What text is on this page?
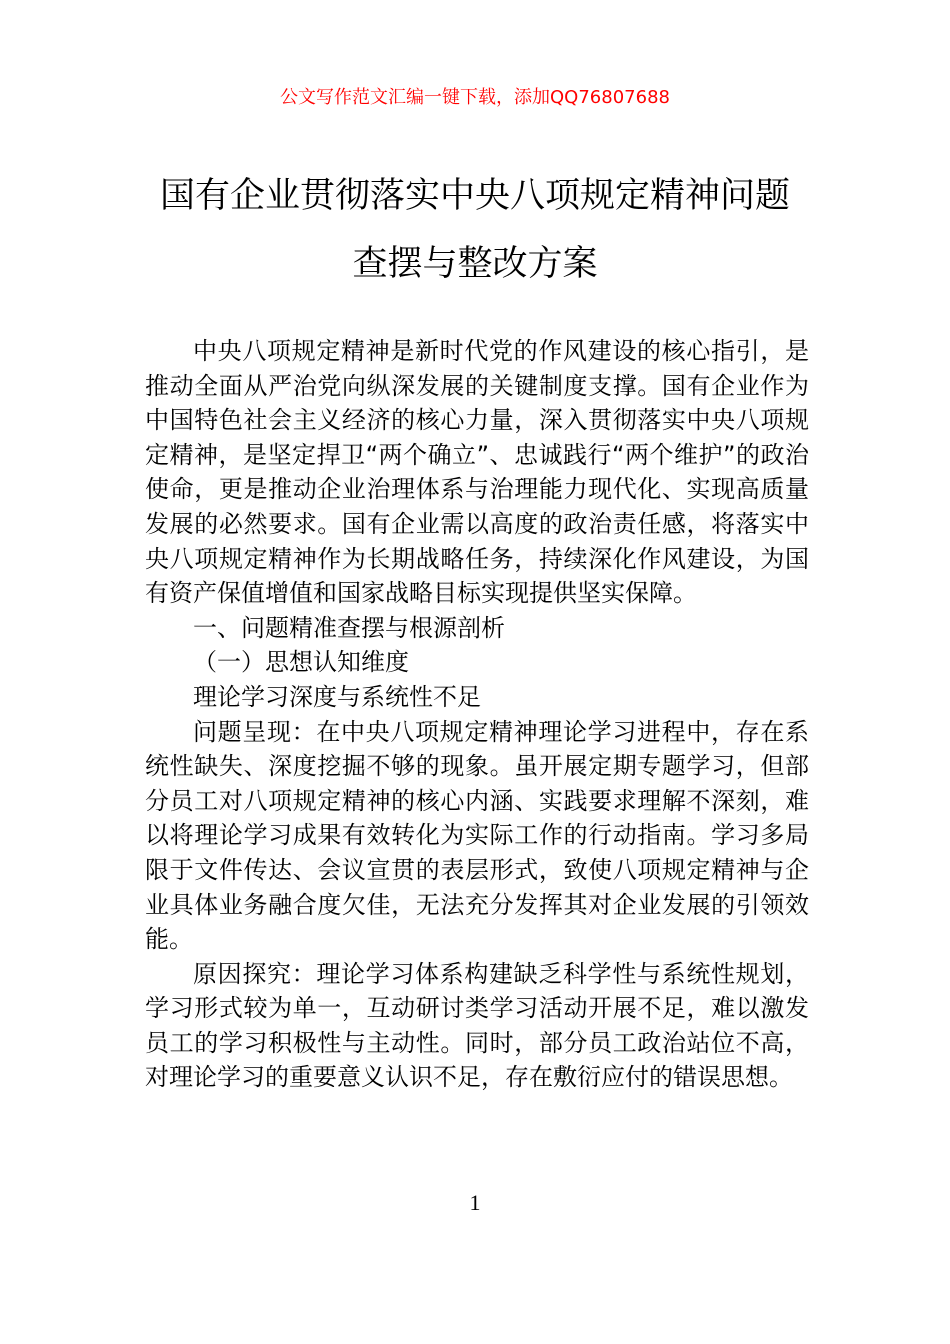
公文写作范文汇编一键下载，添加QQ76807688
国有企业贯彻落实中央八项规定精神问题
查摆与整改方案

中央八项规定精神是新时代党的作风建设的核心指引，是推动全面从严治党向纵深发展的关键制度支撑。国有企业作为中国特色社会主义经济的核心力量，深入贯彻落实中央八项规定精神，是坚定捍卫“两个确立”、忠诚践行“两个维护”的政治使命，更是推动企业治理体系与治理能力现代化、实现高质量发展的必然要求。国有企业需以高度的政治责任感，将落实中央八项规定精神作为长期战略任务，持续深化作风建设，为国有资产保值增值和国家战略目标实现提供坚实保障。

一、问题精准查摆与根源剖析

（一）思想认知维度

理论学习深度与系统性不足

问题呈现：在中央八项规定精神理论学习进程中，存在系统性缺失、深度挖掘不够的现象。虽开展定期专题学习，但部分员工对八项规定精神的核心内涵、实践要求理解不深刻，难以将理论学习成果有效转化为实际工作的行动指南。学习多局限于文件传达、会议宣贯的表层形式，致使八项规定精神与企业具体业务融合度欠佳，无法充分发挥其对企业发展的引领效能。

原因探究：理论学习体系构建缺乏科学性与系统性规划，学习形式较为单一，互动研讨类学习活动开展不足，难以激发员工的学习积极性与主动性。同时，部分员工政治站位不高，对理论学习的重要意义认识不足，存在敷衍应付的错误思想。

1
